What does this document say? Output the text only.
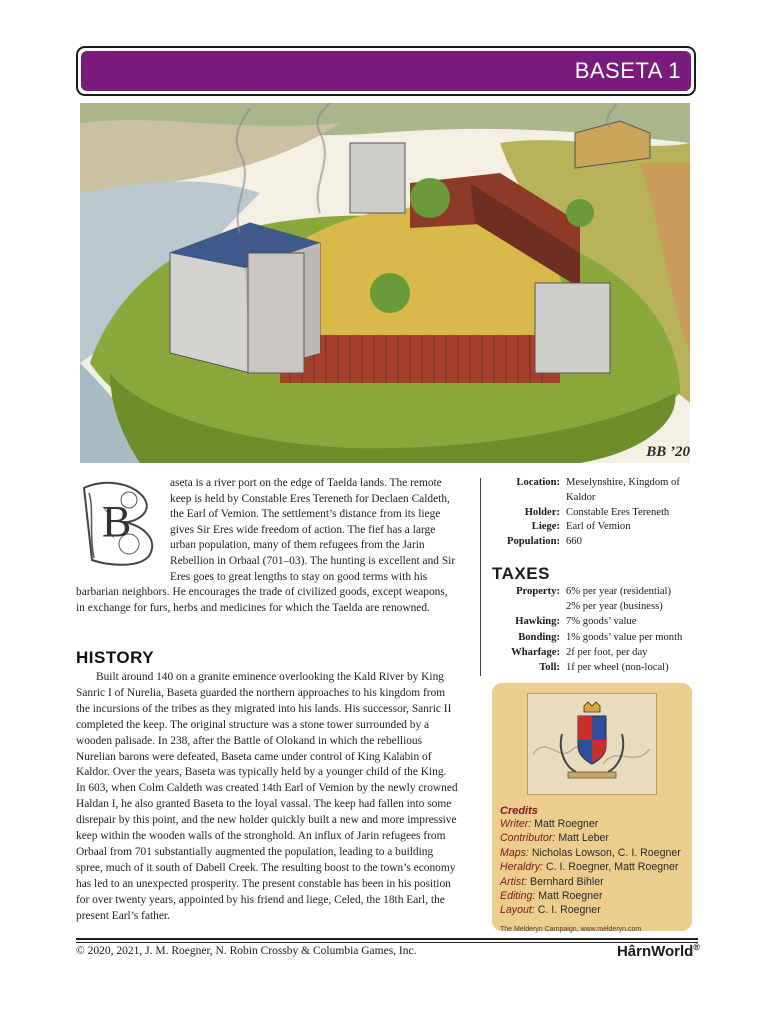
BASETA 1
BB ’20
B
aseta is a river port on the edge of Taelda lands. The remote keep is held by Constable Eres Tereneth for Declaen Caldeth, the Earl of Vemion. The settlement’s distance from its liege gives Sir Eres wide freedom of action. The fief has a large urban population, many of them refugees from the Jarin Rebellion in Orbaal (701–03). The hunting is excellent and Sir Eres goes to great lengths to stay on good terms with his barbarian neighbors. He encourages the trade of civilized goods, except weapons, in exchange for furs, herbs and medicines for which the Taelda are renowned.
HISTORY
Built around 140 on a granite eminence overlooking the Kald River by King Sanric I of Nurelia, Baseta guarded the northern approaches to his kingdom from the incursions of the tribes as they migrated into his lands. His successor, Sanric II completed the keep. The original structure was a stone tower surrounded by a wooden palisade. In 238, after the Battle of Olokand in which the rebellious Nurelian barons were defeated, Baseta came under control of King Kalabin of Kaldor. Over the years, Baseta was typically held by a younger child of the King. In 603, when Colm Caldeth was created 14th Earl of Vemion by the newly crowned Haldan I, he also granted Baseta to the loyal vassal. The keep had fallen into some disrepair by this point, and the new holder quickly built a new and more impressive keep within the wooden walls of the stronghold. An influx of Jarin refugees from Orbaal from 701 substantially augmented the population, leading to a building spree, much of it south of Dabell Creek. The resulting boost to the town’s economy has led to an unexpected prosperity. The present constable has been in his position for over twenty years, appointed by his friend and liege, Celed, the 18th Earl, the present Earl’s father.
Location: Meselynshire, Kingdom of Kaldor
Holder: Constable Eres Tereneth
Liege: Earl of Vemion
Population: 660
TAXES
Property: 6% per year (residential)
2% per year (business)
Hawking: 7% goods’ value
Bonding: 1% goods’ value per month
Wharfage: 2f per foot, per day
Toll: 1f per wheel (non-local)
Credits
Writer: Matt Roegner
Contributor: Matt Leber
Maps: Nicholas Lowson, C. I. Roegner
Heraldry: C. I. Roegner, Matt Roegner
Artist: Bernhard Bihler
Editing: Matt Roegner
Layout: C. I. Roegner
The Melderyn Campaign, www.melderyn.com
© 2020, 2021, J. M. Roegner, N. Robin Crossby & Columbia Games, Inc.	HârnWorld®
